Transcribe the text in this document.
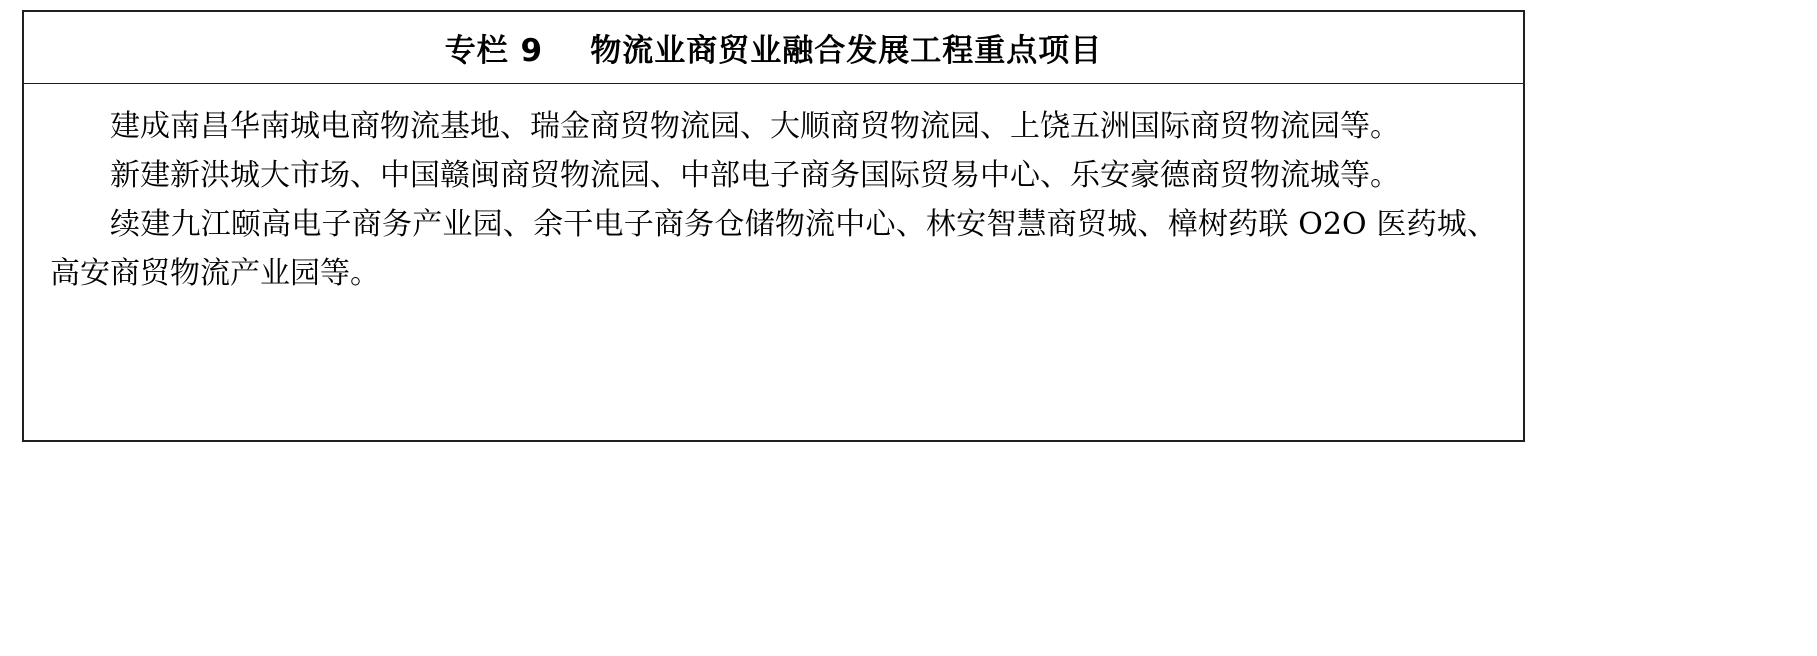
专栏 9    物流业商贸业融合发展工程重点项目

建成南昌华南城电商物流基地、瑞金商贸物流园、大顺商贸物流园、上饶五洲国际商贸物流园等。

新建新洪城大市场、中国赣闽商贸物流园、中部电子商务国际贸易中心、乐安豪德商贸物流城等。

续建九江颐高电子商务产业园、余干电子商务仓储物流中心、林安智慧商贸城、樟树药联 O2O 医药城、高安商贸物流产业园等。
